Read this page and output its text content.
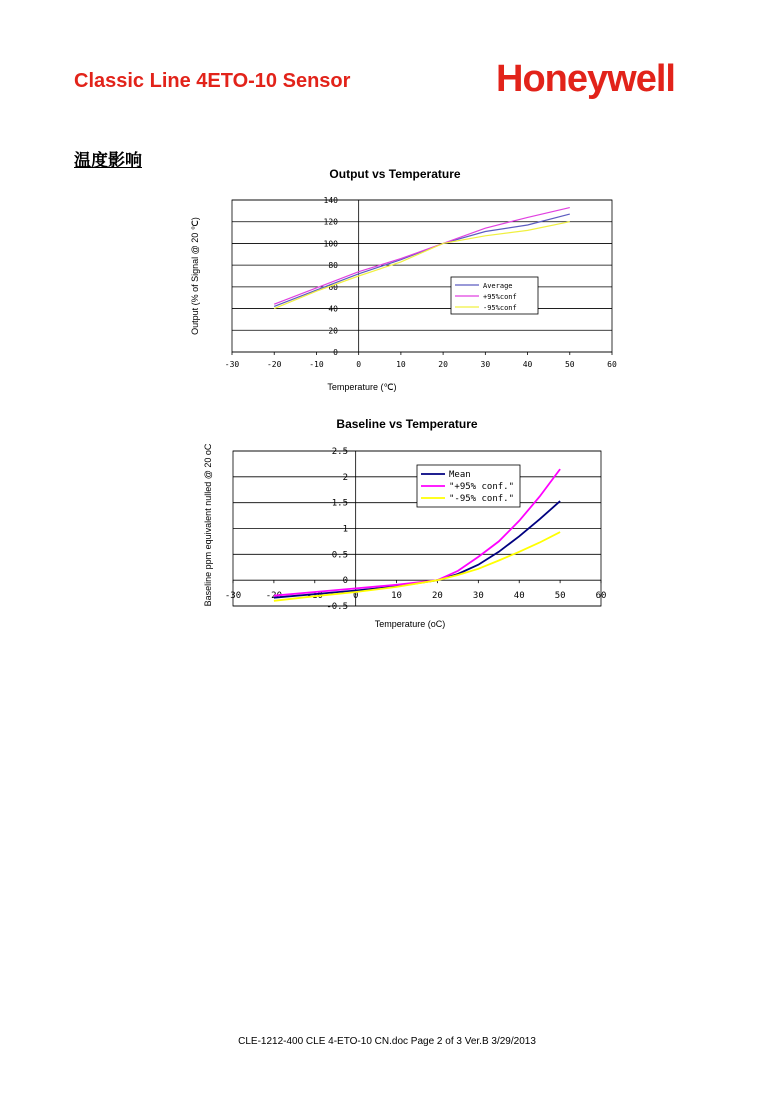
Classic Line 4ETO-10 Sensor	Honeywell
温度影响
0
20
40
60
80
100
120
140
-30	-20	-10	0	10	20	30	40	50	60
Output vs Temperature
Temperature (℃)
Output (% of Signal @ 20 ℃)	Average
+95%conf
-95%conf
-0.5
0
0.5
1
1.5
2
2.5
-30	-20	-10	0	10	20	30	40	50	60
Baseline vs Temperature
Temperature (oC)
Baseline ppm equivalent nulled @ 20 oC	Mean
"+95% conf."
"-95% conf."
CLE-1212-400 CLE 4-ETO-10 CN.doc Page 2 of 3 Ver.B 3/29/2013
